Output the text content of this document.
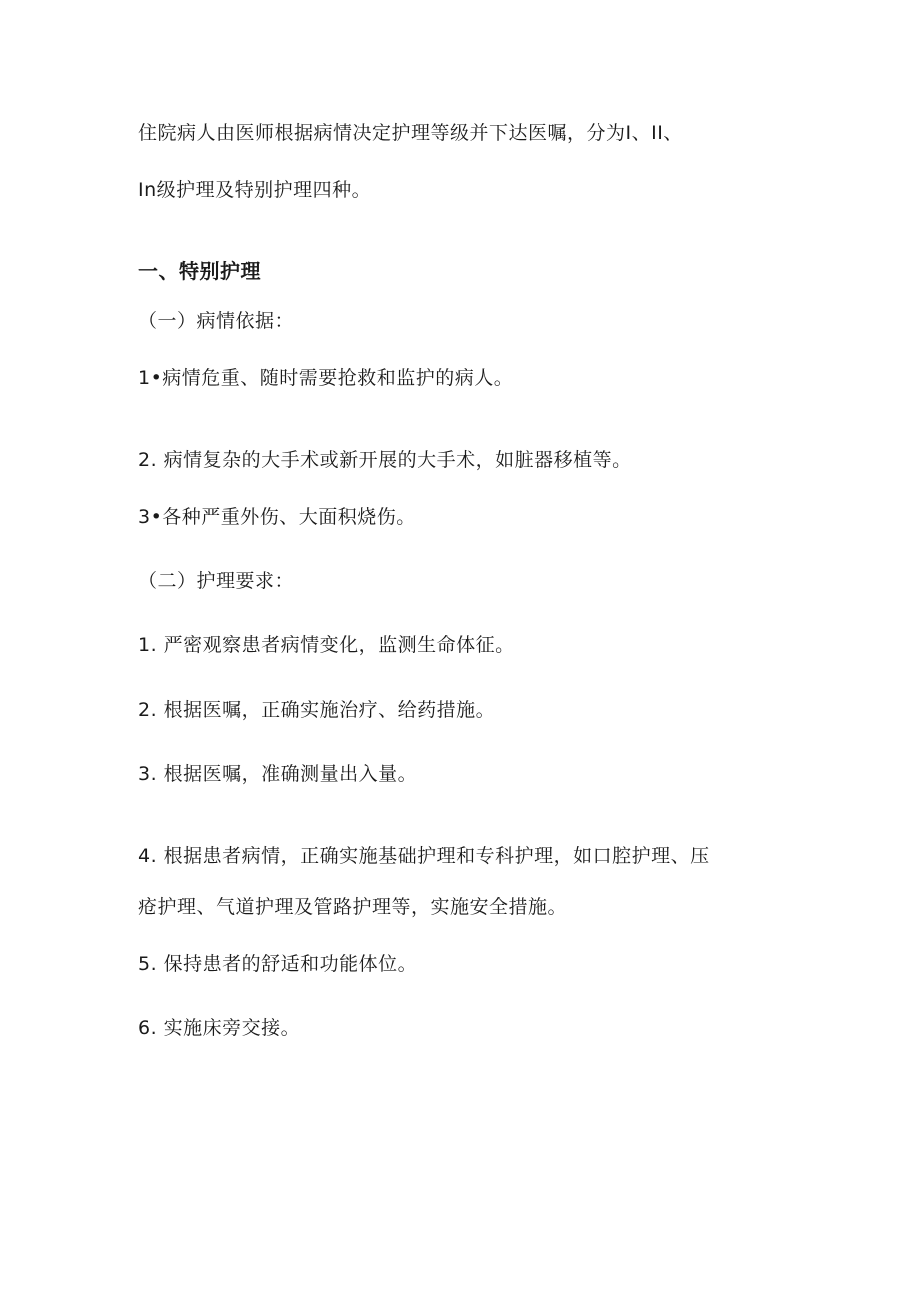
住院病人由医师根据病情决定护理等级并下达医嘱，分为I、II、
In级护理及特别护理四种。
一、特别护理
（一）病情依据：
1•病情危重、随时需要抢救和监护的病人。
2. 病情复杂的大手术或新开展的大手术，如脏器移植等。
3•各种严重外伤、大面积烧伤。
（二）护理要求：
1. 严密观察患者病情变化，监测生命体征。
2. 根据医嘱，正确实施治疗、给药措施。
3. 根据医嘱，准确测量出入量。
4. 根据患者病情，正确实施基础护理和专科护理，如口腔护理、压
疮护理、气道护理及管路护理等，实施安全措施。
5. 保持患者的舒适和功能体位。
6. 实施床旁交接。
